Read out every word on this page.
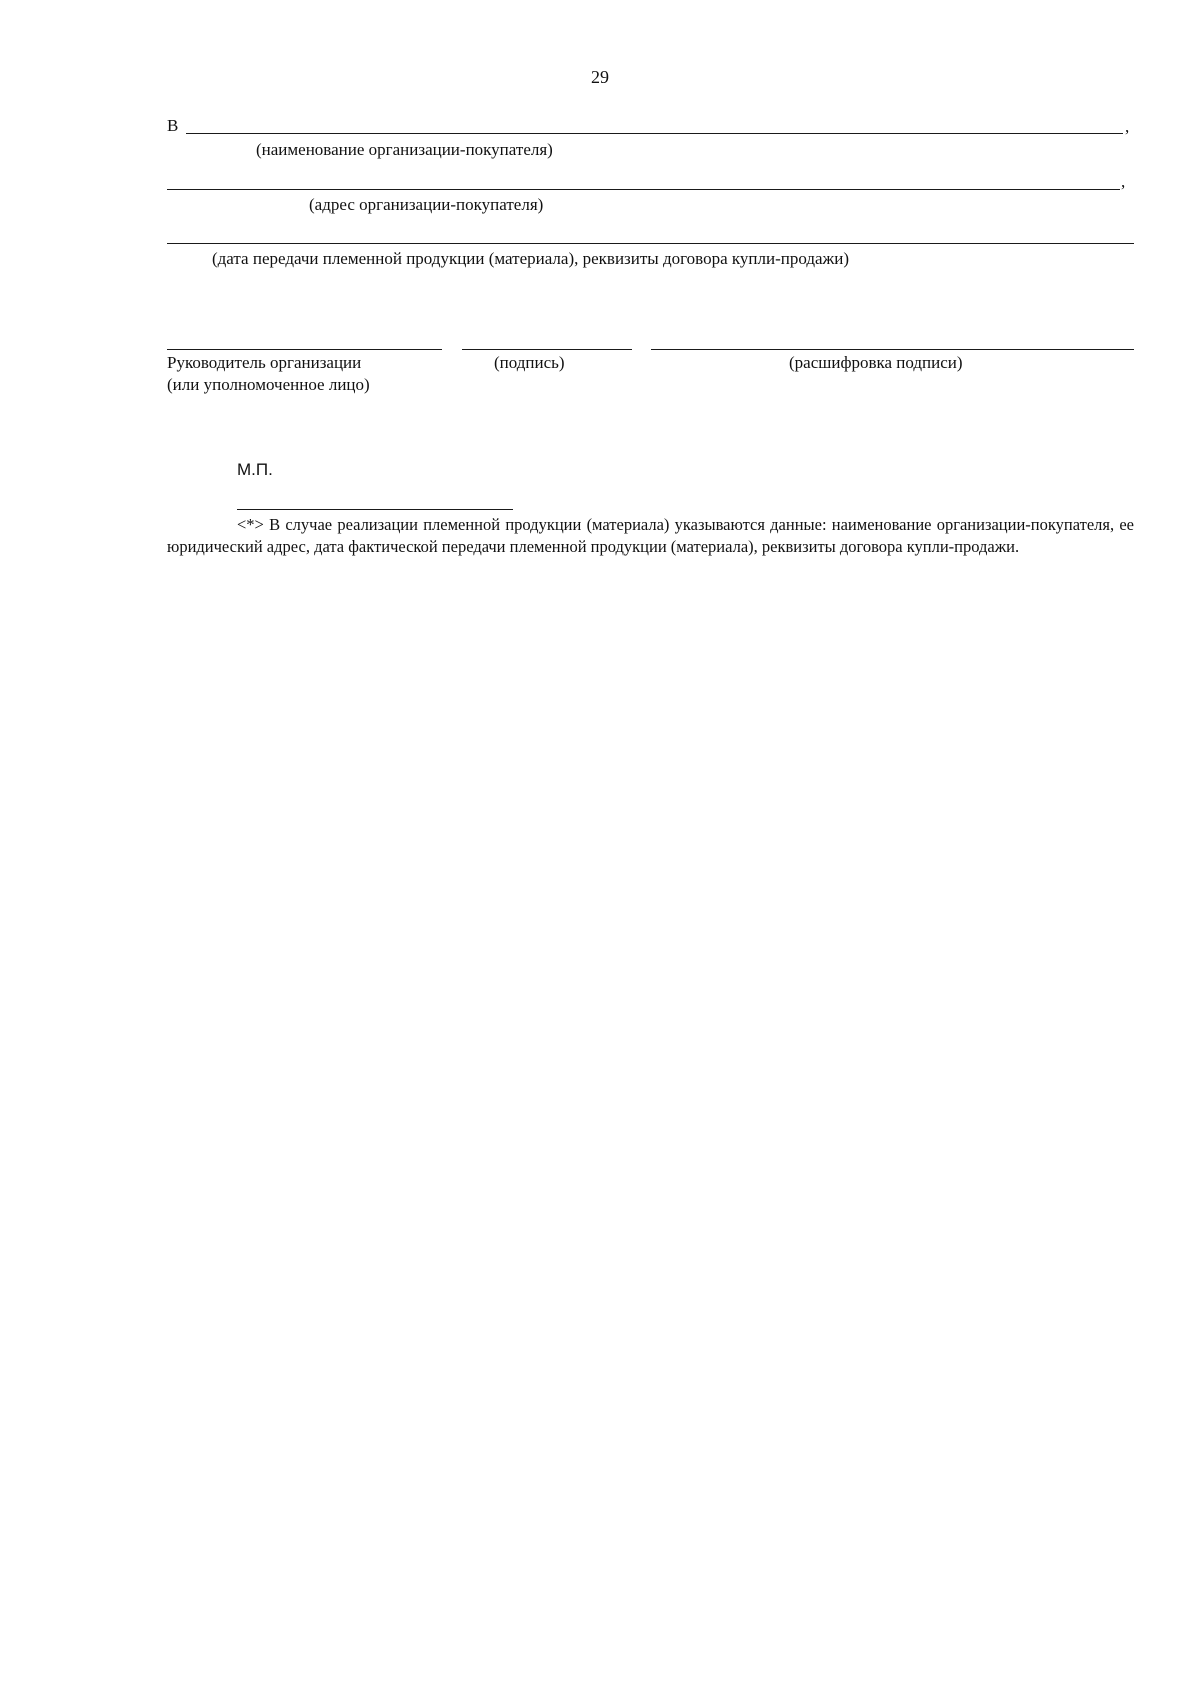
29
В	,
(наименование организации-покупателя)
,
(адрес организации-покупателя)
(дата передачи племенной продукции (материала), реквизиты договора купли-продажи)
Руководитель организации
(или уполномоченное лицо)
(подпись)	(расшифровка подписи)
М.П.
<*> В случае реализации племенной продукции (материала) указываются данные: наименование организации-покупателя, ее юридический адрес, дата фактической передачи племенной продукции (материала), реквизиты договора купли-продажи.
